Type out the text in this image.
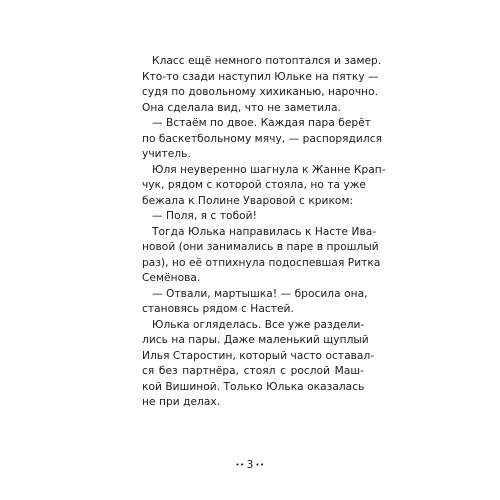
Класс ещё немного потоптался и замер.
Кто-то сзади наступил Юльке на пятку —
судя по довольному хихиканью, нарочно.
Она сделала вид, что не заметила.

— Встаём по двое. Каждая пара берёт
по баскетбольному мячу, — распорядился
учитель.

Юля неуверенно шагнула к Жанне Крап-
чук, рядом с которой стояла, но та уже
бежала к Полине Уваровой с криком:

— Поля, я с тобой!

Тогда Юлька направилась к Насте Ива-
новой (они занимались в паре в прошлый
раз), но её отпихнула подоспевшая Ритка
Семёнова.

— Отвали, мартышка! — бросила она,
становясь рядом с Настей.

Юлька огляделась. Все уже раздели-
лись на пары. Даже маленький щуплый
Илья Старостин, который часто оставал-
ся без партнёра, стоял с рослой Маш-
кой Вишиной. Только Юлька оказалась
не при делах.

•• 3 ••
